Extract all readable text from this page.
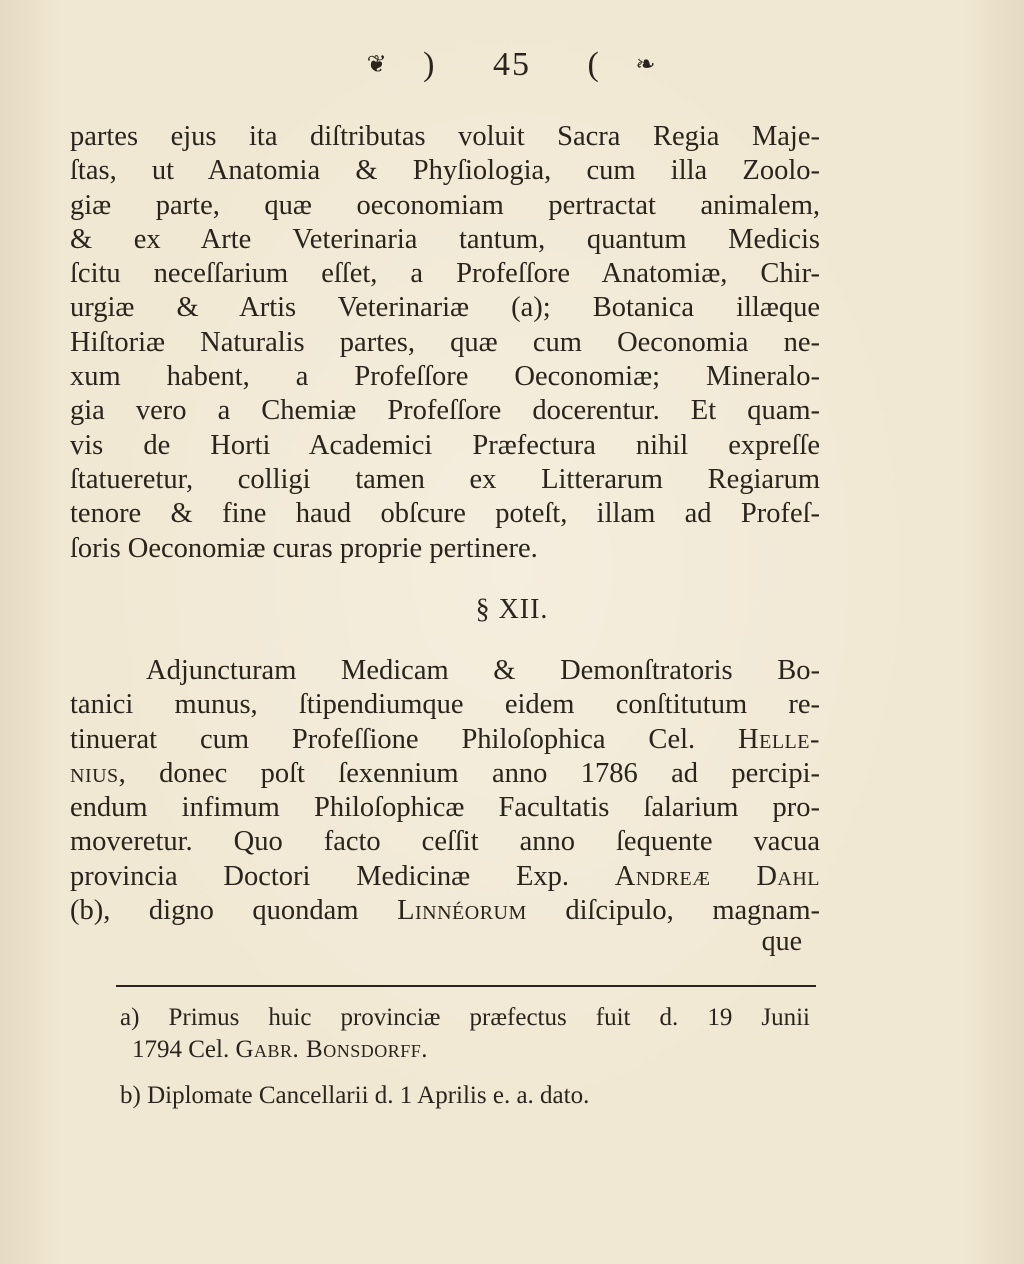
❦ ) 45 ( ❧
partes ejus ita diſtributas voluit Sacra Regia Maje-
ſtas, ut Anatomia & Phyſiologia, cum illa Zoolo-
giæ parte, quæ oeconomiam pertractat animalem,
& ex Arte Veterinaria tantum, quantum Medicis
ſcitu neceſſarium eſſet, a Profeſſore Anatomiæ, Chir-
urgiæ & Artis Veterinariæ (a); Botanica illæque
Hiſtoriæ Naturalis partes, quæ cum Oeconomia ne-
xum habent, a Profeſſore Oeconomiæ; Mineralo-
gia vero a Chemiæ Profeſſore docerentur. Et quam-
vis de Horti Academici Præfectura nihil expreſſe
ſtatueretur, colligi tamen ex Litterarum Regiarum
tenore & fine haud obſcure poteſt, illam ad Profeſ-
ſoris Oeconomiæ curas proprie pertinere.
§ XII.
Adjuncturam Medicam & Demonſtratoris Bo-
tanici munus, ſtipendiumque eidem conſtitutum re-
tinuerat cum Profeſſione Philoſophica Cel. Helle-
nius, donec poſt ſexennium anno 1786 ad percipi-
endum infimum Philoſophicæ Facultatis ſalarium pro-
moveretur. Quo facto ceſſit anno ſequente vacua
provincia Doctori Medicinæ Exp. Andreæ Dahl
(b), digno quondam Linnéorum diſcipulo, magnam-
que
a) Primus huic provinciæ præfectus fuit d. 19 Junii
1794 Cel. Gabr. Bonsdorff.
b) Diplomate Cancellarii d. 1 Aprilis e. a. dato.
